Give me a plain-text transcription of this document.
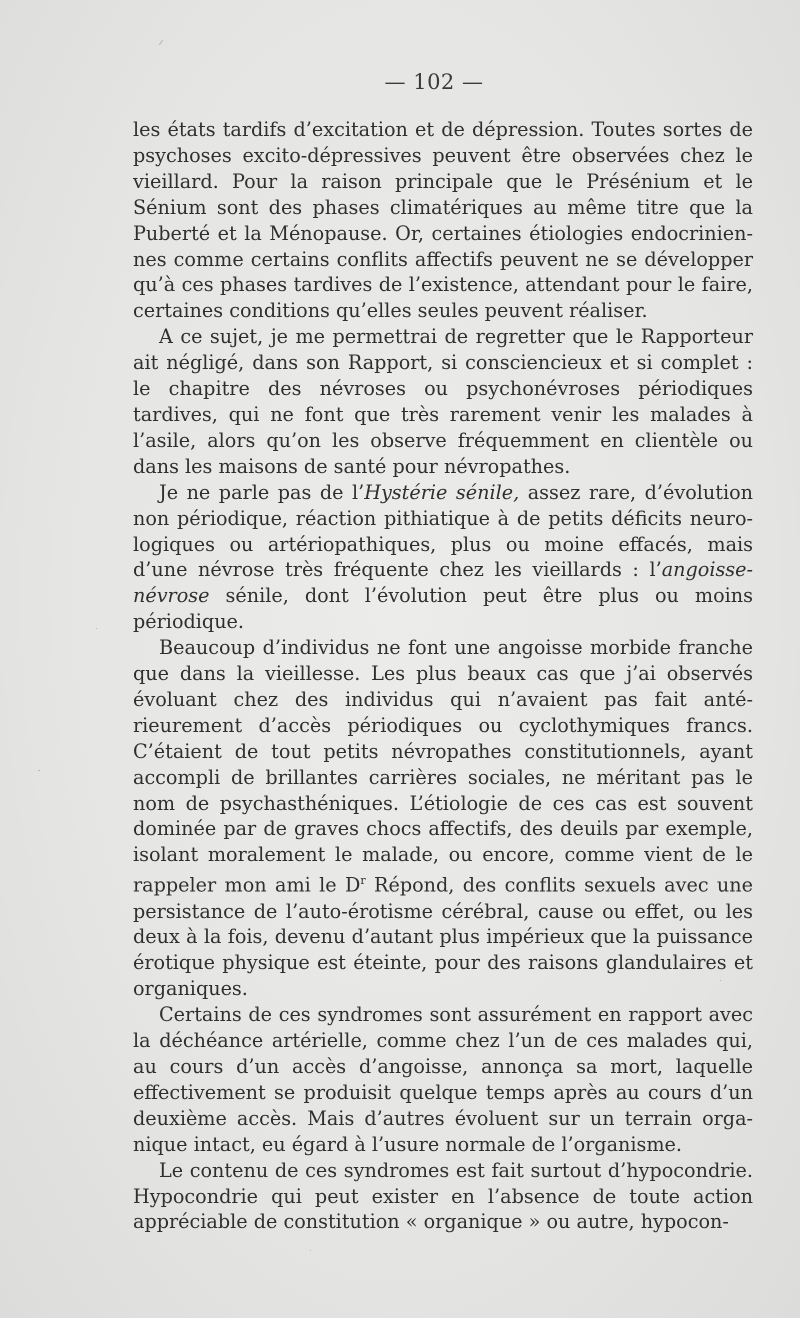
— 102 —

les états tardifs d’excitation et de dépression. Toutes sortes de psychoses excito-dépressives peuvent être observées chez le vieillard. Pour la raison principale que le Présénium et le Sénium sont des phases climatériques au même titre que la Puberté et la Ménopause. Or, certaines étiologies endocriniennes comme certains conflits affectifs peuvent ne se développer qu’à ces phases tardives de l’existence, attendant pour le faire, certaines conditions qu’elles seules peuvent réaliser.

A ce sujet, je me permettrai de regretter que le Rapporteur ait négligé, dans son Rapport, si consciencieux et si complet : le chapitre des névroses ou psychonévroses périodiques tardives, qui ne font que très rarement venir les malades à l’asile, alors qu’on les observe fréquemment en clientèle ou dans les maisons de santé pour névropathes.

Je ne parle pas de l’Hystérie sénile, assez rare, d’évolution non périodique, réaction pithiatique à de petits déficits neurologiques ou artériopathiques, plus ou moine effacés, mais d’une névrose très fréquente chez les vieillards : l’angoisse-névrose sénile, dont l’évolution peut être plus ou moins périodique.

Beaucoup d’individus ne font une angoisse morbide franche que dans la vieillesse. Les plus beaux cas que j’ai observés évoluant chez des individus qui n’avaient pas fait antérieurement d’accès périodiques ou cyclothymiques francs. C’étaient de tout petits névropathes constitutionnels, ayant accompli de brillantes carrières sociales, ne méritant pas le nom de psychasthéniques. L’étiologie de ces cas est souvent dominée par de graves chocs affectifs, des deuils par exemple, isolant moralement le malade, ou encore, comme vient de le rappeler mon ami le $D^r$ Répond, des conflits sexuels avec une persistance de l’auto-érotisme cérébral, cause ou effet, ou les deux à la fois, devenu d’autant plus impérieux que la puissance érotique physique est éteinte, pour des raisons glandulaires et organiques.

Certains de ces syndromes sont assurément en rapport avec la déchéance artérielle, comme chez l’un de ces malades qui, au cours d’un accès d’angoisse, annonça sa mort, laquelle effectivement se produisit quelque temps après au cours d’un deuxième accès. Mais d’autres évoluent sur un terrain organique intact, eu égard à l’usure normale de l’organisme.

Le contenu de ces syndromes est fait surtout d’hypocondrie. Hypocondrie qui peut exister en l’absence de toute action appréciable de constitution « organique » ou autre, hypocon-
